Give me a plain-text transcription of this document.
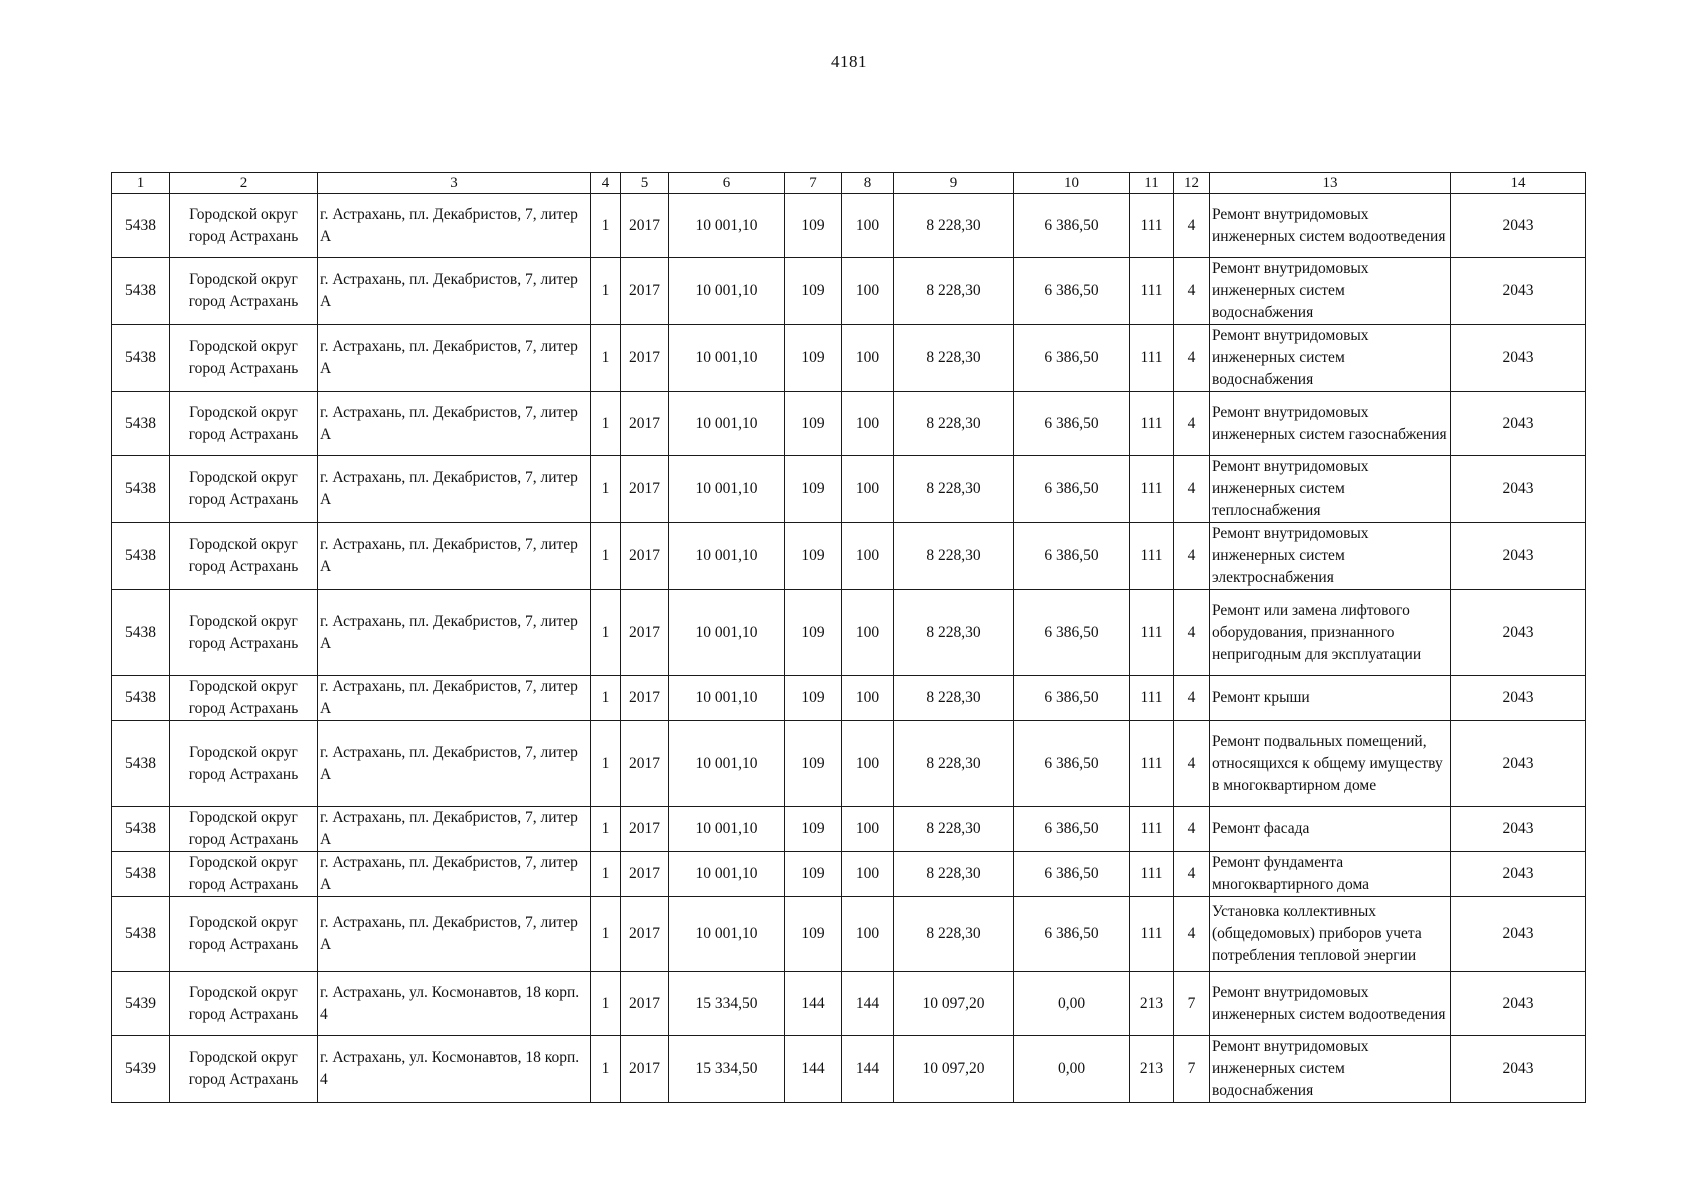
4181
1	2	3	4	5	6	7	8	9	10	11	12	13	14
5438	Городской округ город Астрахань	г. Астрахань, пл. Декабристов, 7, литер А	1	2017	10 001,10	109	100	8 228,30	6 386,50	111	4	Ремонт внутридомовых инженерных систем водоотведения	2043
5438	Городской округ город Астрахань	г. Астрахань, пл. Декабристов, 7, литер А	1	2017	10 001,10	109	100	8 228,30	6 386,50	111	4	Ремонт внутридомовых инженерных систем водоснабжения	2043
5438	Городской округ город Астрахань	г. Астрахань, пл. Декабристов, 7, литер А	1	2017	10 001,10	109	100	8 228,30	6 386,50	111	4	Ремонт внутридомовых инженерных систем водоснабжения	2043
5438	Городской округ город Астрахань	г. Астрахань, пл. Декабристов, 7, литер А	1	2017	10 001,10	109	100	8 228,30	6 386,50	111	4	Ремонт внутридомовых инженерных систем газоснабжения	2043
5438	Городской округ город Астрахань	г. Астрахань, пл. Декабристов, 7, литер А	1	2017	10 001,10	109	100	8 228,30	6 386,50	111	4	Ремонт внутридомовых инженерных систем теплоснабжения	2043
5438	Городской округ город Астрахань	г. Астрахань, пл. Декабристов, 7, литер А	1	2017	10 001,10	109	100	8 228,30	6 386,50	111	4	Ремонт внутридомовых инженерных систем электроснабжения	2043
5438	Городской округ город Астрахань	г. Астрахань, пл. Декабристов, 7, литер А	1	2017	10 001,10	109	100	8 228,30	6 386,50	111	4	Ремонт или замена лифтового оборудования, признанного непригодным для эксплуатации	2043
5438	Городской округ город Астрахань	г. Астрахань, пл. Декабристов, 7, литер А	1	2017	10 001,10	109	100	8 228,30	6 386,50	111	4	Ремонт крыши	2043
5438	Городской округ город Астрахань	г. Астрахань, пл. Декабристов, 7, литер А	1	2017	10 001,10	109	100	8 228,30	6 386,50	111	4	Ремонт подвальных помещений, относящихся к общему имуществу в многоквартирном доме	2043
5438	Городской округ город Астрахань	г. Астрахань, пл. Декабристов, 7, литер А	1	2017	10 001,10	109	100	8 228,30	6 386,50	111	4	Ремонт фасада	2043
5438	Городской округ город Астрахань	г. Астрахань, пл. Декабристов, 7, литер А	1	2017	10 001,10	109	100	8 228,30	6 386,50	111	4	Ремонт фундамента многоквартирного дома	2043
5438	Городской округ город Астрахань	г. Астрахань, пл. Декабристов, 7, литер А	1	2017	10 001,10	109	100	8 228,30	6 386,50	111	4	Установка коллективных (общедомовых) приборов учета потребления тепловой энергии	2043
5439	Городской округ город Астрахань	г. Астрахань, ул. Космонавтов, 18 корп. 4	1	2017	15 334,50	144	144	10 097,20	0,00	213	7	Ремонт внутридомовых инженерных систем водоотведения	2043
5439	Городской округ город Астрахань	г. Астрахань, ул. Космонавтов, 18 корп. 4	1	2017	15 334,50	144	144	10 097,20	0,00	213	7	Ремонт внутридомовых инженерных систем водоснабжения	2043
